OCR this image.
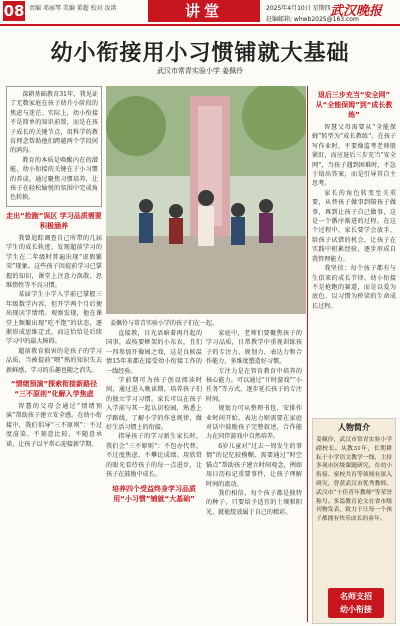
08 责编 邓丽琴 美编 董超 校对 汝洪	讲堂	2025年4月10日 星期四 武汉晚报
赶编邮箱: whwb2025@163.com
幼小衔接用小习惯铺就大基础
武汉市常青实验小学 姜佩伶

深耕基础教育31年，我见证了无数家庭在孩子幼升小阶段的焦虑与迷茫。实际上，幼小衔接不是简单的知识前置，而是在孩子成长的关键节点，用科学的教育理念帮助他们跨越两个学段间的鸿沟。

教育的本质是唤醒内在的潜能，幼小衔接的关键在于小习惯的养成。通过聚焦习惯培养，让孩子在轻松愉悦的氛围中完成角色转换。

走出“抢跑”误区 学习品质需要积极涵养

我曾追踪调查自己所带的几届学生的成长轨迹，发现超前学习的学生在二年级时普遍出现“虚假繁荣”现象。这些孩子因提前学习已掌握的知识，课堂上注意力涣散、思维惰性等不良习惯。

某届学生小学入学前已掌握三年级数学内容，但开学两个月后便出现厌学情绪。观察发现，他在课堂上频繁出现“吃不饱”的状态，逐渐形成思维定式，而这恰恰是后续学习中的最大障碍。

超前教育损害的是孩子的学习品质，当被提前“喂”熟的知识失去新鲜感，学习的乐趣也随之消失。

“情绪预演”探索衔接新路径 “三不原则”化解入学焦虑

智慧的父母会通过“情绪预演”帮助孩子建立安全感。在幼小衔接中，我们倡导“三不原则”：不过度渲染、不刻意比较、不随意承诺，让孩子以平常心迎接新学期。

姜佩伶与常青实验小学的孩子们在一起。

直接教，目光语暗着再丹起的国事，或按要框架的小东衣，且们一四参加开像园之戏，这是良候温情15年来都在接受幼小衔接工作的一线经验。

学前期可为孩子创设阅读时间，通过进入晚读期，培养孩子们的独立学习习惯。家长可以在孩子入学前与其一起认识校园，熟悉上学路线，了解小学的作息规律，做好生活习惯上的衔接。

指导孩子的学习新生家长时，我们会“三不原则”：不包办代替、不过度焦虑、不攀比成绩。用欣赏的眼光看待孩子的每一点进步，让孩子在鼓励中成长。

培养四个受益终身学习品质 用“小习惯”铺就“大基础”

家庭中，老师们要聚焦孩子的学习品质，日常教学中重视训练孩子的专注力、规划力、表达力和合作能力，多维度塑造好习惯。

专注力是在智育教育中培养的核心能力。可以通过“计时游戏”“小任务”等方式，逐步延长孩子的专注时间。

规划力可从整理书包、安排作业时间开始。表达力则需要在家庭对话中鼓励孩子完整叙述，合作能力在同伴游戏中自然培养。

6岁儿童对“过去一周发生的事情”的记忆较模糊，需要通过“时空锚点”帮助孩子建立时间观念，例如用日历标记重要事件，让孩子理解时间的流动。

我们相信，每个孩子都是独特的种子，只要给予适宜的土壤和阳光，就能绽放属于自己的精彩。

退后三步充当“安全网” 从“全能保姆”到“成长教练”

智慧父母需要从“全能保姆”转型为“成长教练”。在孩子写作业时，不要像监考老师般紧盯，而应退后三步充当“安全网”，当孩子遇到困难时，不急于给出答案，而是引导其自主思考。

家长的角色转变至关重要，从替孩子做事到陪孩子做事，再到让孩子自己做事，这是一个循序渐进的过程。在这个过程中，家长要学会放手，给孩子试错的机会，让孩子在实践中积累经验，逐步形成自我管理能力。

我坚信：每个孩子都有与生俱来的成长节律。幼小衔接不是抢跑的赛道，而是以爱为底色、以习惯为桥梁的生命成长过程。

人物简介
姜佩伶，武汉市常青实验小学副校长。从教31年，长期耕耘于小学语文教学一线，主持多项市区级课题研究，在幼小衔接、家校共育等领域有深入研究，曾获武汉市优秀教师、武汉市“十佳青年教师”等荣誉称号。多篇教育论文在省市级刊物发表，致力于让每一个孩子都拥有快乐成长的童年。
名师支招
幼小衔接
